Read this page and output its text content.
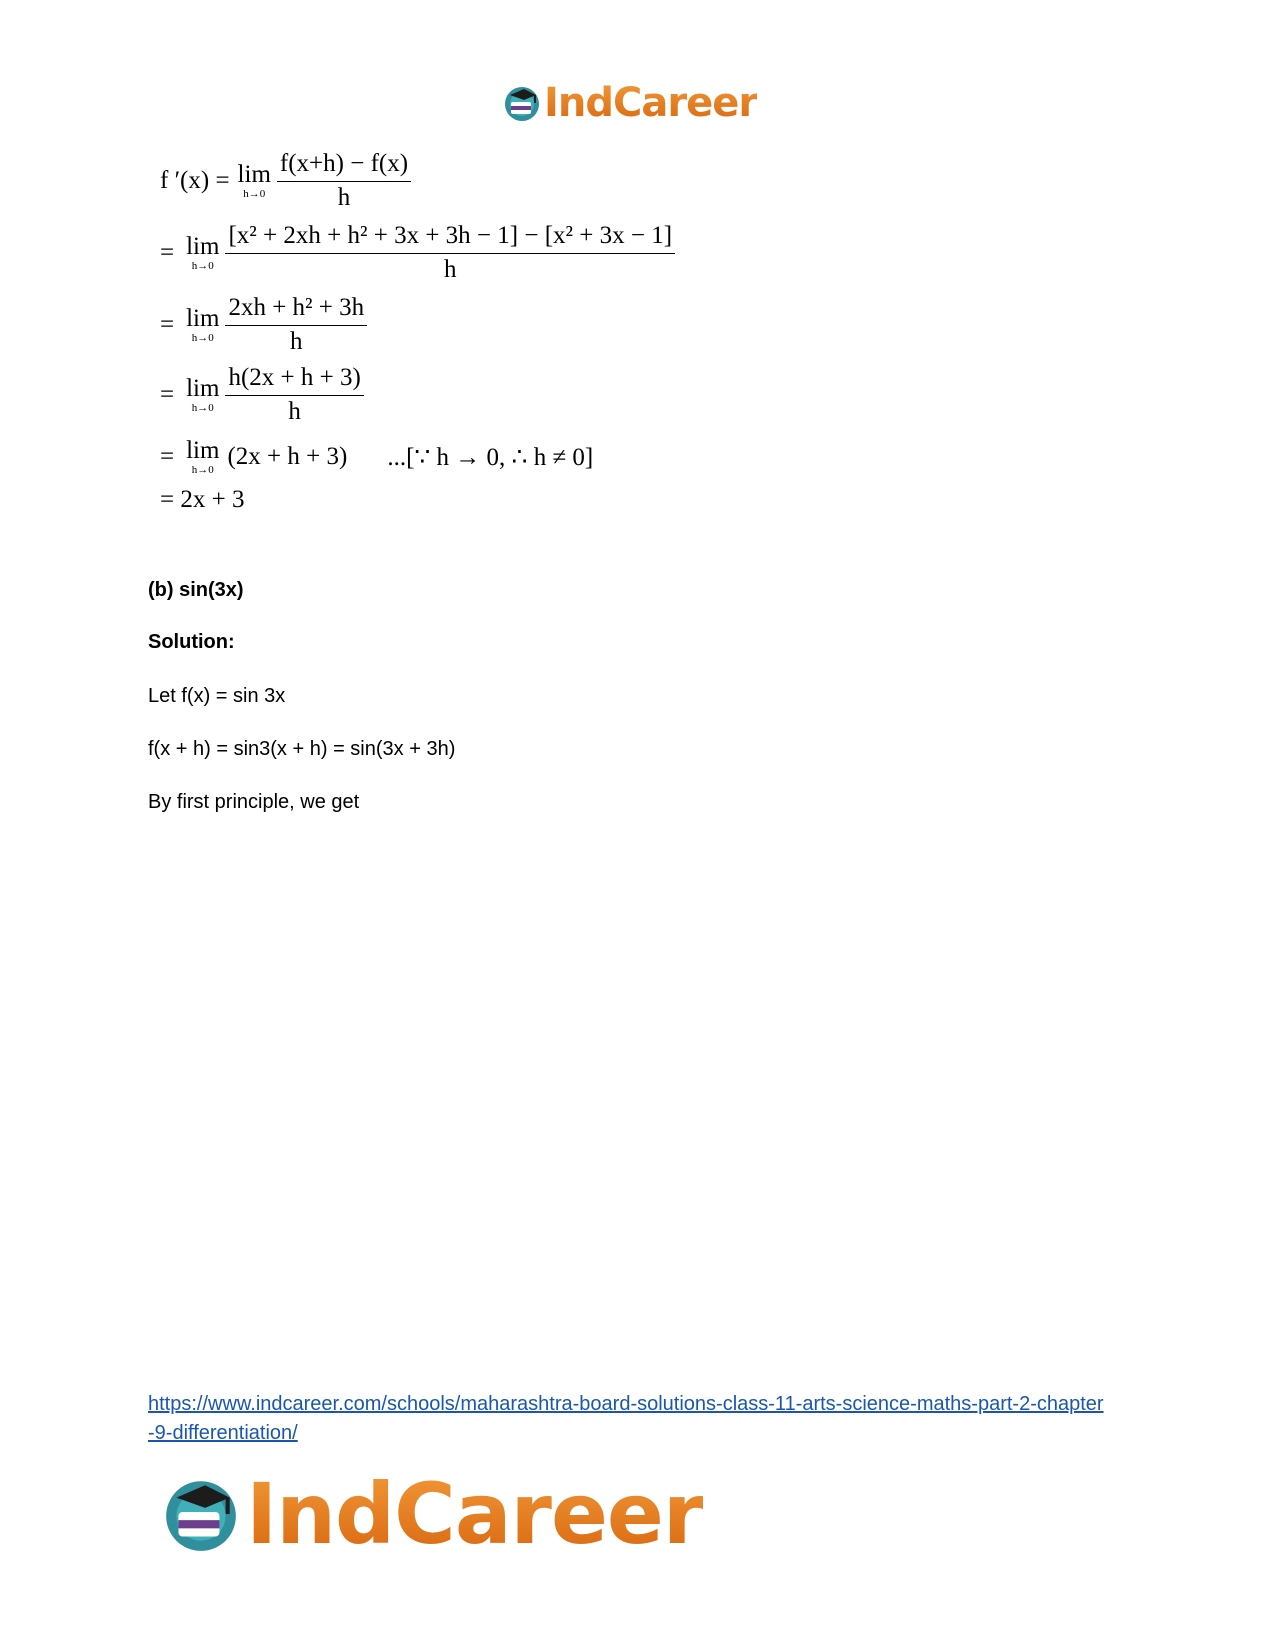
IndCareer
f ′(x) = lim
$h\to 0 \frac{f(x+h) - f(x)}{h}$
= lim
$h\to 0 \frac{\text{[x² + 2xh + h² + 3x + 3h − 1] − [x² + 3x − 1]}}{h}$
= lim
$h\to 0 \frac{\text{2xh + h² + 3h}}{h}$
= lim
$h\to 0 \frac{h(2x + h + 3)}{h}$
= lim
h→0 (2x + h + 3) ...[∵ h → 0, ∴ h ≠ 0]
= 2x + 3
(b) sin(3x)
Solution:
Let f(x) = sin 3x
f(x + h) = sin3(x + h) = sin(3x + 3h)
By first principle, we get
https://www.indcareer.com/schools/maharashtra-board-solutions-class-11-arts-science-maths-part-2-chapter-9-differentiation/
IndCareer
